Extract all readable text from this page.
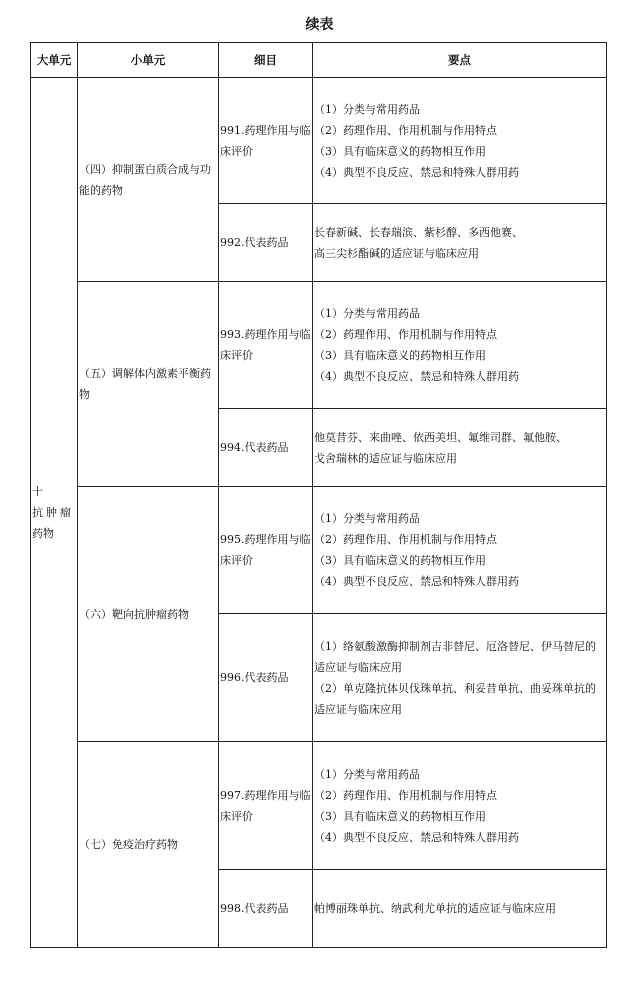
续表
大单元	小单元	细目	要点

十
抗肿瘤
药物	（四）抑制蛋白质合成与功能的药物	991.药理作用与临床评价	（1）分类与常用药品
（2）药理作用、作用机制与作用特点
（3）具有临床意义的药物相互作用
（4）典型不良反应、禁忌和特殊人群用药

		992.代表药品	长春新碱、长春瑞滨、紫杉醇、多西他赛、
高三尖杉酯碱的适应证与临床应用

	（五）调解体内激素平衡药物	993.药理作用与临床评价	（1）分类与常用药品
（2）药理作用、作用机制与作用特点
（3）具有临床意义的药物相互作用
（4）典型不良反应、禁忌和特殊人群用药

		994.代表药品	他莫昔芬、来曲唑、依西美坦、氟维司群、氟他胺、
戈舍瑞林的适应证与临床应用

	（六）靶向抗肿瘤药物	995.药理作用与临床评价	（1）分类与常用药品
（2）药理作用、作用机制与作用特点
（3）具有临床意义的药物相互作用
（4）典型不良反应、禁忌和特殊人群用药

		996.代表药品	（1）络氨酸激酶抑制剂吉非替尼、厄洛替尼、伊马替尼的适应证与临床应用
（2）单克隆抗体贝伐珠单抗、利妥昔单抗、曲妥珠单抗的适应证与临床应用

	（七）免疫治疗药物	997.药理作用与临床评价	（1）分类与常用药品
（2）药理作用、作用机制与作用特点
（3）具有临床意义的药物相互作用
（4）典型不良反应、禁忌和特殊人群用药

		998.代表药品	帕博丽珠单抗、纳武利尤单抗的适应证与临床应用
